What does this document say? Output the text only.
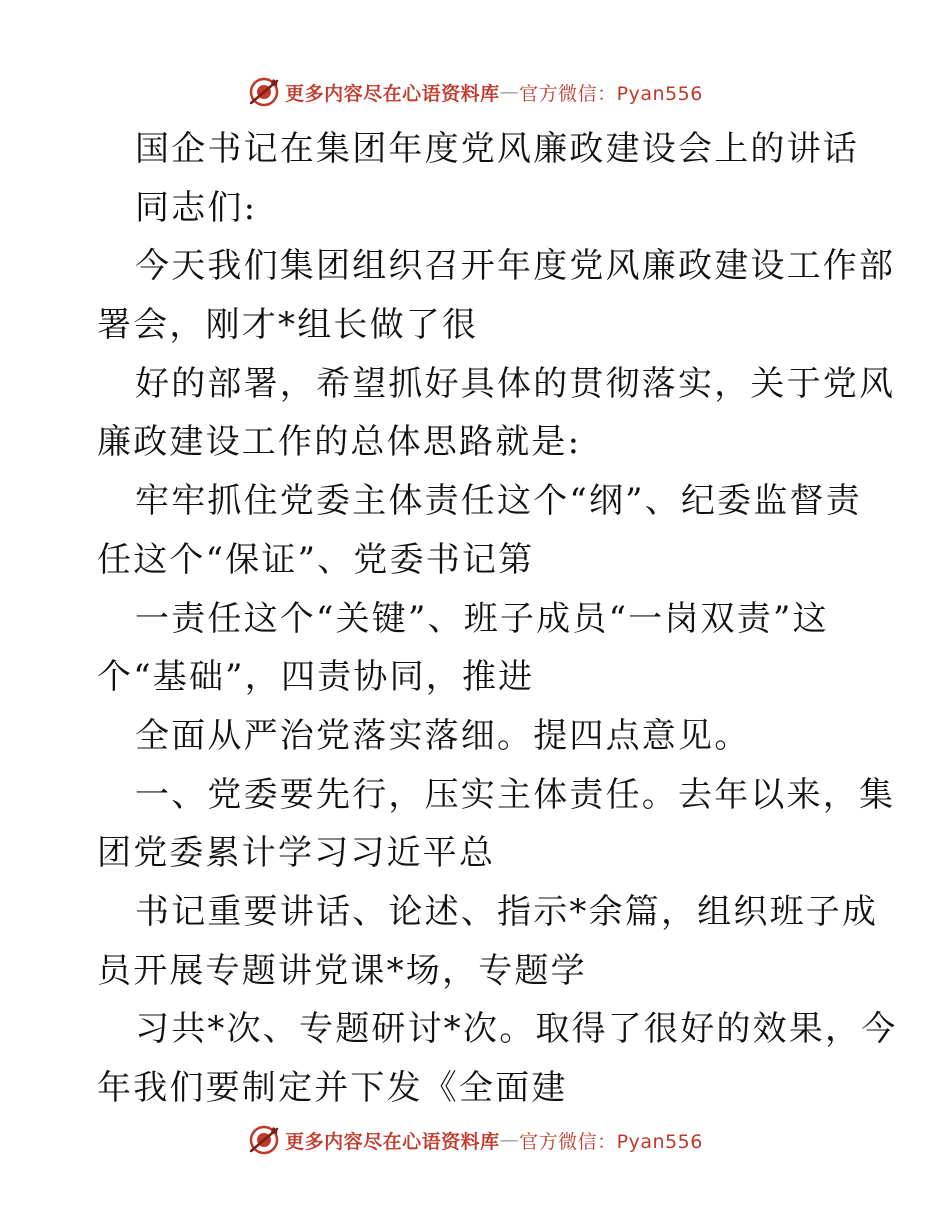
更多内容尽在心语资料库 — 官方微信：Pyan556
国企书记在集团年度党风廉政建设会上的讲话
同志们:
今天我们集团组织召开年度党风廉政建设工作部
署会，刚才*组长做了很
好的部署，希望抓好具体的贯彻落实，关于党风
廉政建设工作的总体思路就是:
牢牢抓住党委主体责任这个“纲”、纪委监督责
任这个“保证”、党委书记第
一责任这个“关键”、班子成员“一岗双责”这
个“基础”，四责协同，推进
全面从严治党落实落细。提四点意见。
一、党委要先行，压实主体责任。去年以来，集
团党委累计学习习近平总
书记重要讲话、论述、指示*余篇，组织班子成
员开展专题讲党课*场，专题学
习共*次、专题研讨*次。取得了很好的效果，今
年我们要制定并下发《全面建
更多内容尽在心语资料库 — 官方微信：Pyan556
